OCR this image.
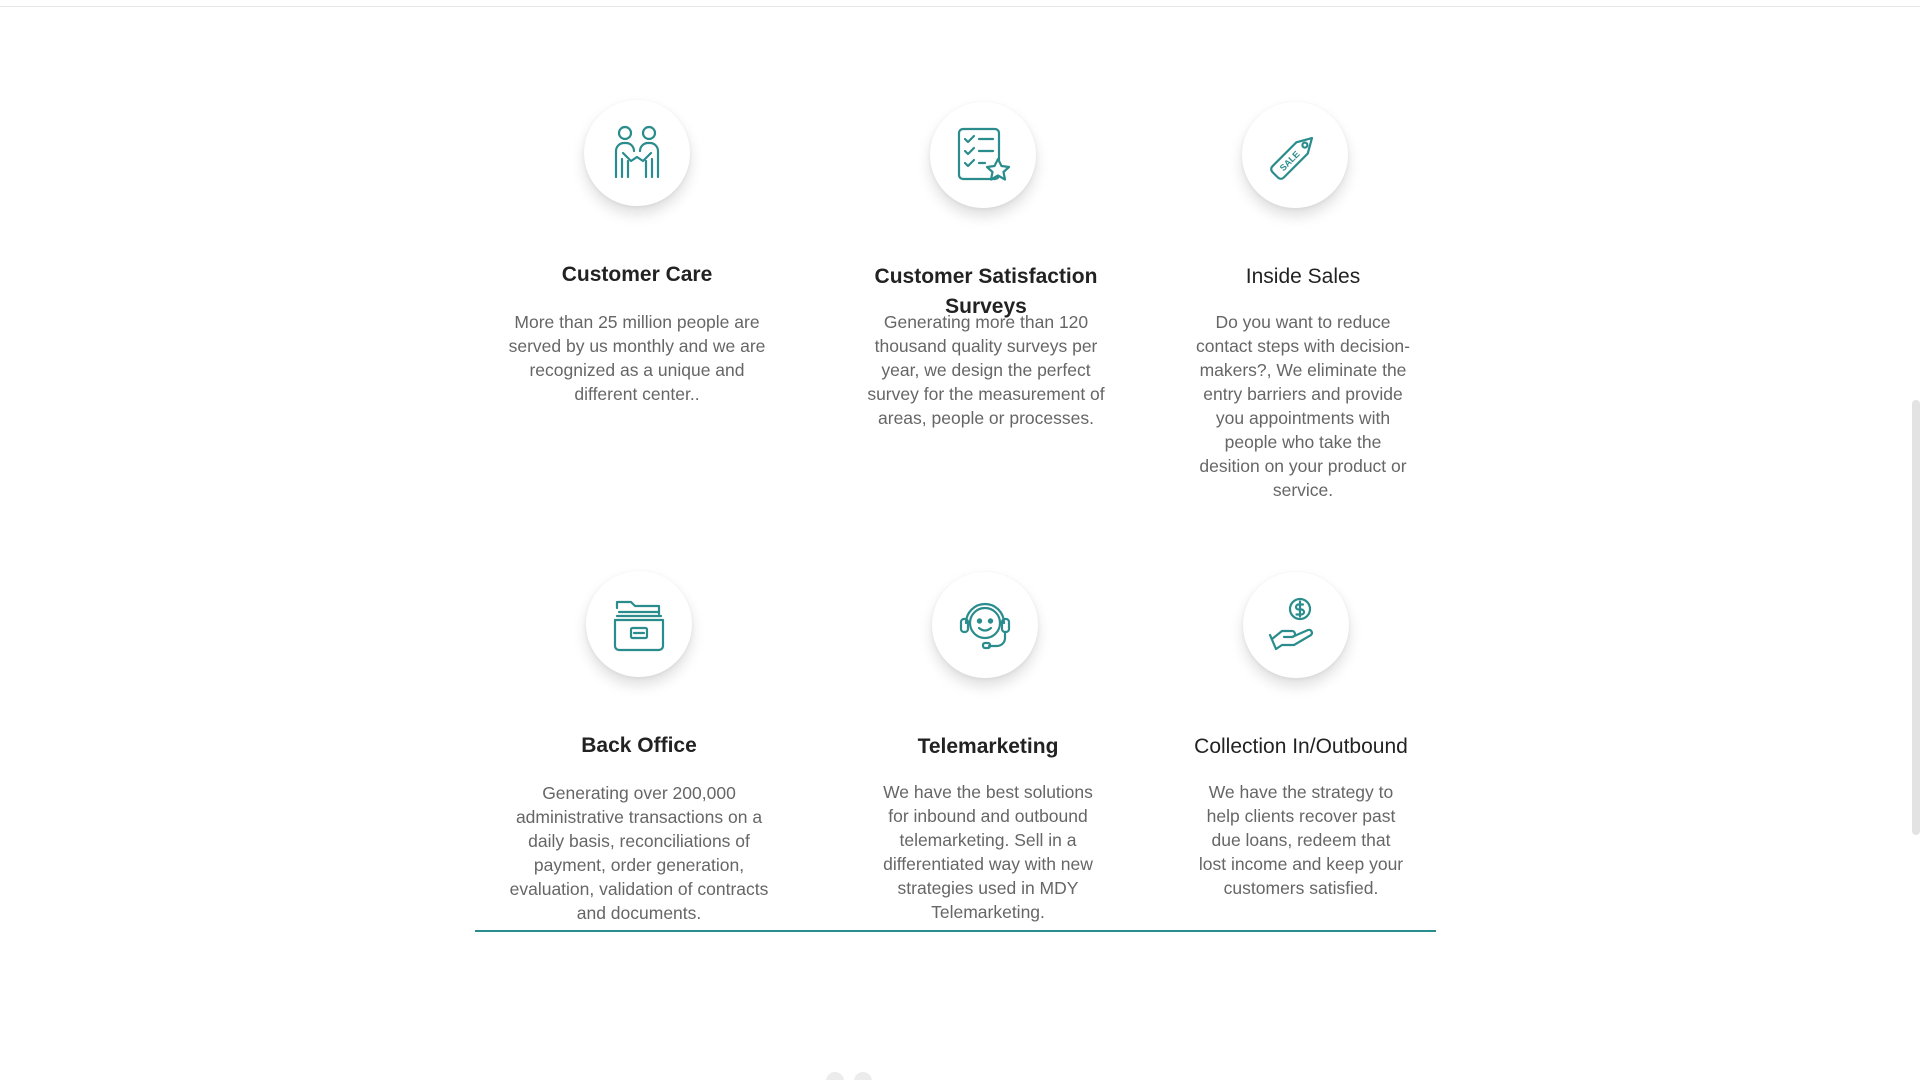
Customer Care

More than 25 million people are served by us monthly and we are recognized as a unique and different center..

Customer Satisfaction Surveys

Generating more than 120 thousand quality surveys per year, we design the perfect survey for the measurement of areas, people or processes.

SALE
Inside Sales

Do you want to reduce contact steps with decision-makers?, We eliminate the entry barriers and provide you appointments with people who take the desition on your product or service.

Back Office

Generating over 200,000 administrative transactions on a daily basis, reconciliations of payment, order generation, evaluation, validation of contracts and documents.

Telemarketing

We have the best solutions for inbound and outbound telemarketing. Sell in a differentiated way with new strategies used in MDY Telemarketing.

Collection In/Outbound

We have the strategy to help clients recover past due loans, redeem that lost income and keep your customers satisfied.
